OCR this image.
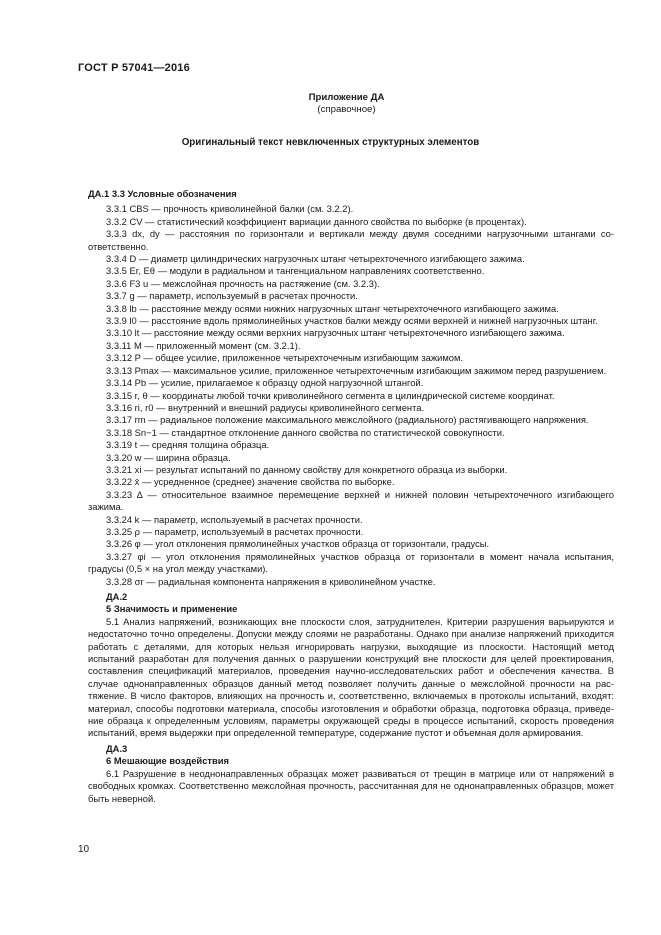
ГОСТ Р 57041—2016
Приложение ДА
(справочное)
Оригинальный текст невключенных структурных элементов

ДА.1 3.3 Условные обозначения

3.3.1 CBS — прочность криволинейной балки (см. 3.2.2).

3.3.2 CV — статистический коэффициент вариации данного свойства по выборке (в процентах).

3.3.3 dx, dy — расстояния по горизонтали и вертикали между двумя соседними нагрузочными штангами соответственно.

3.3.4 D — диаметр цилиндрических нагрузочных штанг четырехточечного изгибающего зажима.

3.3.5 Er, Eθ — модули в радиальном и тангенциальном направлениях соответственно.

3.3.6 F3 u — межслойная прочность на растяжение (см. 3.2.3).

3.3.7 g — параметр, используемый в расчетах прочности.

3.3.8 lb — расстояние между осями нижних нагрузочных штанг четырехточечного изгибающего зажима.

3.3.9 l0 — расстояние вдоль прямолинейных участков балки между осями верхней и нижней нагрузочных штанг.

3.3.10 lt — расстояние между осями верхних нагрузочных штанг четырехточечного изгибающего зажима.

3.3.11 M — приложенный момент (см. 3.2.1).

3.3.12 P — общее усилие, приложенное четырехточечным изгибающим зажимом.

3.3.13 Pmax — максимальное усилие, приложенное четырехточечным изгибающим зажимом перед разрушением.

3.3.14 Pb — усилие, прилагаемое к образцу одной нагрузочной штангой.

3.3.15 r, θ — координаты любой точки криволинейного сегмента в цилиндрической системе координат.

3.3.16 ri, r0 — внутренний и внешний радиусы криволинейного сегмента.

3.3.17 rm — радиальное положение максимального межслойного (радиального) растягивающего напряжения.

3.3.18 Sn−1 — стандартное отклонение данного свойства по статистической совокупности.

3.3.19 t — средняя толщина образца.

3.3.20 w — ширина образца.

3.3.21 xi — результат испытаний по данному свойству для конкретного образца из выборки.

3.3.22 x̄ — усредненное (среднее) значение свойства по выборке.

3.3.23 Δ — относительное взаимное перемещение верхней и нижней половин четырехточечного изгибающего зажима.

3.3.24 k — параметр, используемый в расчетах прочности.

3.3.25 ρ — параметр, используемый в расчетах прочности.

3.3.26 φ — угол отклонения прямолинейных участков образца от горизонтали, градусы.

3.3.27 φi — угол отклонения прямолинейных участков образца от горизонтали в момент начала испытания, градусы (0,5 × на угол между участками).

3.3.28 σr — радиальная компонента напряжения в криволинейном участке.

ДА.2

5 Значимость и применение

5.1 Анализ напряжений, возникающих вне плоскости слоя, затруднителен. Критерии разрушения варьируются и недостаточно точно определены. Допуски между слоями не разработаны. Однако при анализе напряжений приходится работать с деталями, для которых нельзя игнорировать нагрузки, выходящие из плоскости. Настоящий метод испытаний разработан для получения данных о разрушении конструкций вне плоскости для целей проектирования, составления спецификаций материалов, проведения научно-исследовательских работ и обеспечения качества. В случае однонаправленных образцов данный метод позволяет получить данные о межслойной прочности на растяжение. В число факторов, влияющих на прочность и, соответственно, включаемых в протоколы испытаний, входят: материал, способы подготовки материала, способы изготовления и обработки образца, подготовка образца, приведение образца к определенным условиям, параметры окружающей среды в процессе испытаний, скорость проведения испытаний, время выдержки при определенной температуре, содержание пустот и объемная доля армирования.

ДА.3

6 Мешающие воздействия

6.1 Разрушение в неоднонаправленных образцах может развиваться от трещин в матрице или от напряжений в свободных кромках. Соответственно межслойная прочность, рассчитанная для не однонаправленных образцов, может быть неверной.

10
